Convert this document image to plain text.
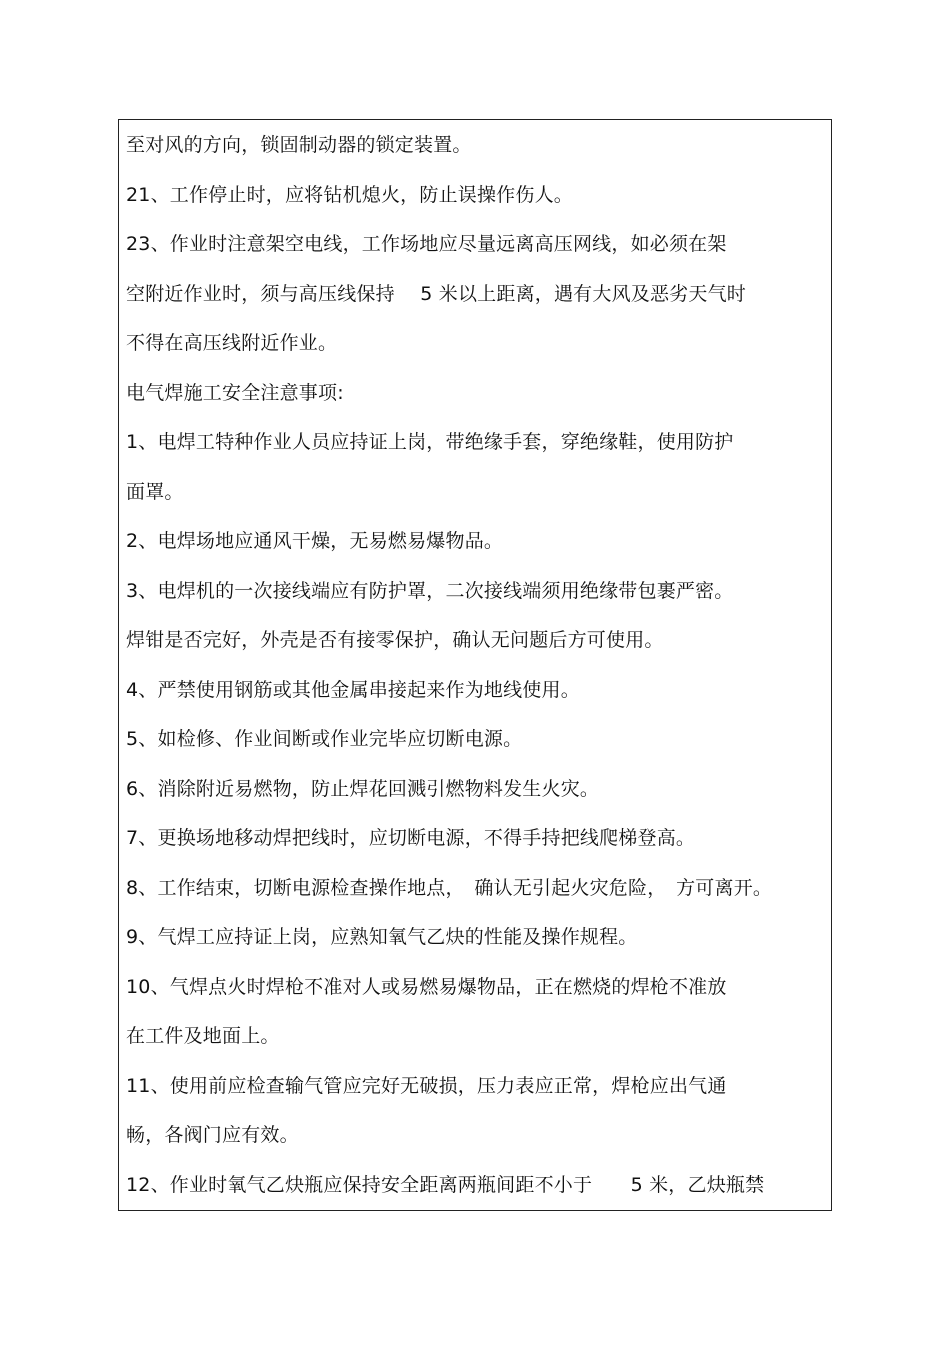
至对风的方向，锁固制动器的锁定装置。
21、工作停止时，应将钻机熄火，防止误操作伤人。
23、作业时注意架空电线，工作场地应尽量远离高压网线，如必须在架
空附近作业时，须与高压线保持　 5 米以上距离，遇有大风及恶劣天气时
不得在高压线附近作业。
电气焊施工安全注意事项:
1、电焊工特种作业人员应持证上岗，带绝缘手套，穿绝缘鞋，使用防护
面罩。
2、电焊场地应通风干燥，无易燃易爆物品。
3、电焊机的一次接线端应有防护罩，二次接线端须用绝缘带包裹严密。
焊钳是否完好，外壳是否有接零保护，确认无问题后方可使用。
4、严禁使用钢筋或其他金属串接起来作为地线使用。
5、如检修、作业间断或作业完毕应切断电源。
6、消除附近易燃物，防止焊花回溅引燃物料发生火灾。
7、更换场地移动焊把线时，应切断电源，不得手持把线爬梯登高。
8、工作结束，切断电源检查操作地点，　确认无引起火灾危险，　方可离开。
9、气焊工应持证上岗，应熟知氧气乙炔的性能及操作规程。
10、气焊点火时焊枪不准对人或易燃易爆物品，正在燃烧的焊枪不准放
在工件及地面上。
11、使用前应检查输气管应完好无破损，压力表应正常，焊枪应出气通
畅，各阀门应有效。
12、作业时氧气乙炔瓶应保持安全距离两瓶间距不小于　　5 米，乙炔瓶禁
